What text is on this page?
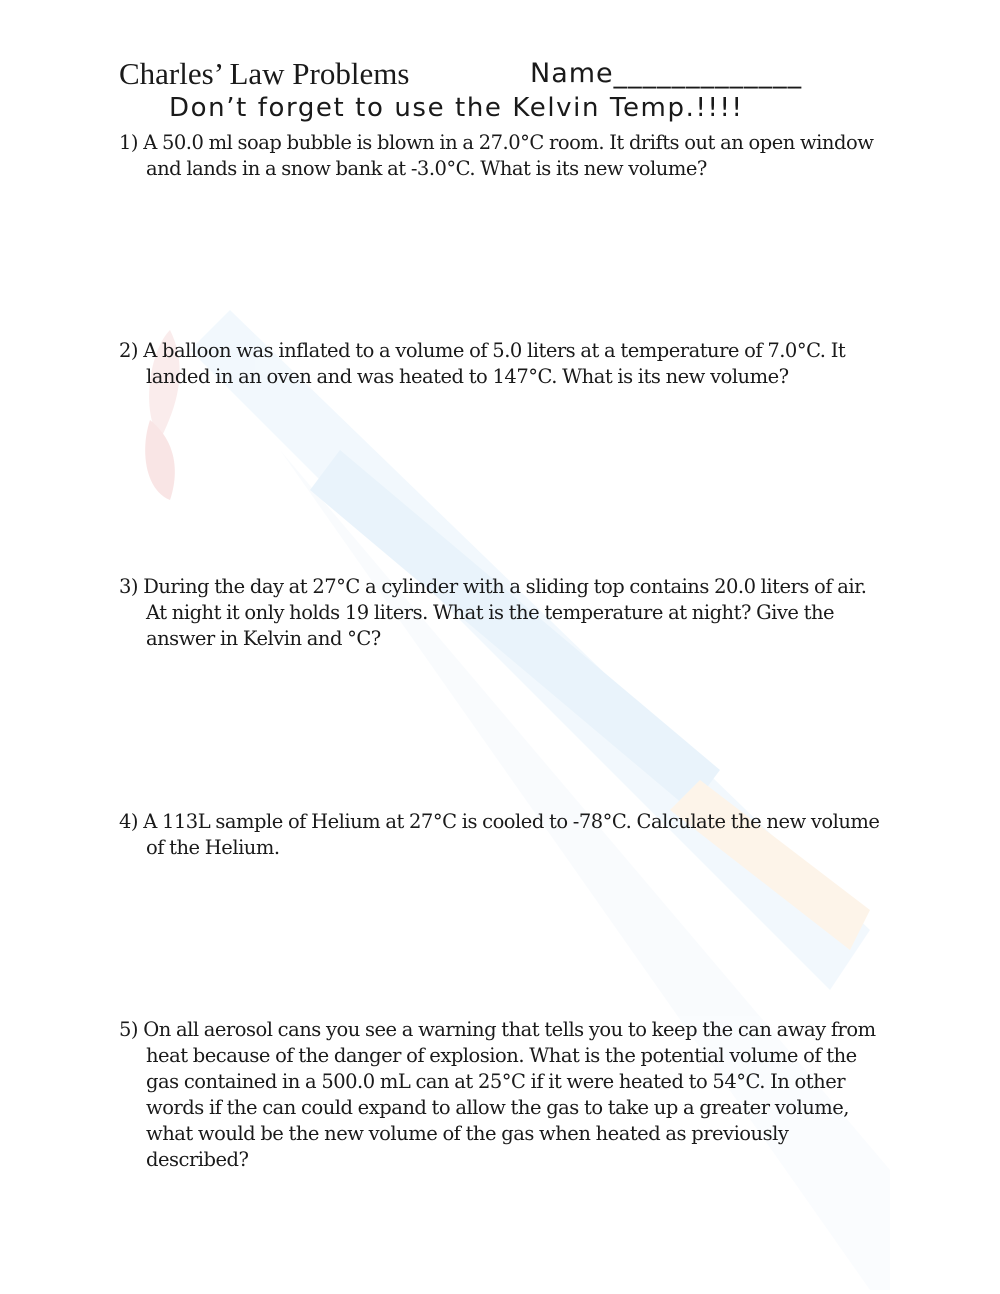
Charles’ Law Problems	Name_____________
Don’t forget to use the Kelvin Temp.!!!!

1) A 50.0 ml soap bubble is blown in a 27.0°C room. It drifts out an open window and lands in a snow bank at -3.0°C. What is its new volume?

2) A balloon was inflated to a volume of 5.0 liters at a temperature of 7.0°C. It landed in an oven and was heated to 147°C. What is its new volume?

3) During the day at 27°C a cylinder with a sliding top contains 20.0 liters of air. At night it only holds 19 liters. What is the temperature at night? Give the answer in Kelvin and °C?

4) A 113L sample of Helium at 27°C is cooled to -78°C. Calculate the new volume of the Helium.

5) On all aerosol cans you see a warning that tells you to keep the can away from heat because of the danger of explosion. What is the potential volume of the gas contained in a 500.0 mL can at 25°C if it were heated to 54°C. In other words if the can could expand to allow the gas to take up a greater volume, what would be the new volume of the gas when heated as previously described?
